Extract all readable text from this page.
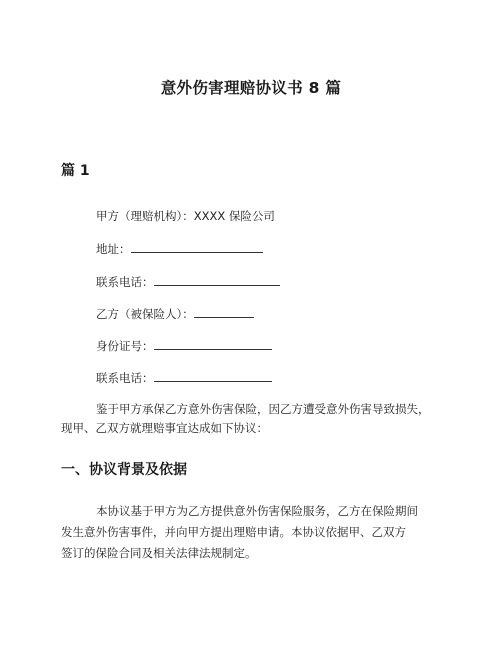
意外伤害理赔协议书 8 篇
篇 1
甲方（理赔机构）：XXXX 保险公司
地址：
联系电话：
乙方（被保险人）：
身份证号：
联系电话：
鉴于甲方承保乙方意外伤害保险，因乙方遭受意外伤害导致损失，
现甲、乙双方就理赔事宜达成如下协议：
一、协议背景及依据
本协议基于甲方为乙方提供意外伤害保险服务，乙方在保险期间
发生意外伤害事件，并向甲方提出理赔申请。本协议依据甲、乙双方
签订的保险合同及相关法律法规制定。
